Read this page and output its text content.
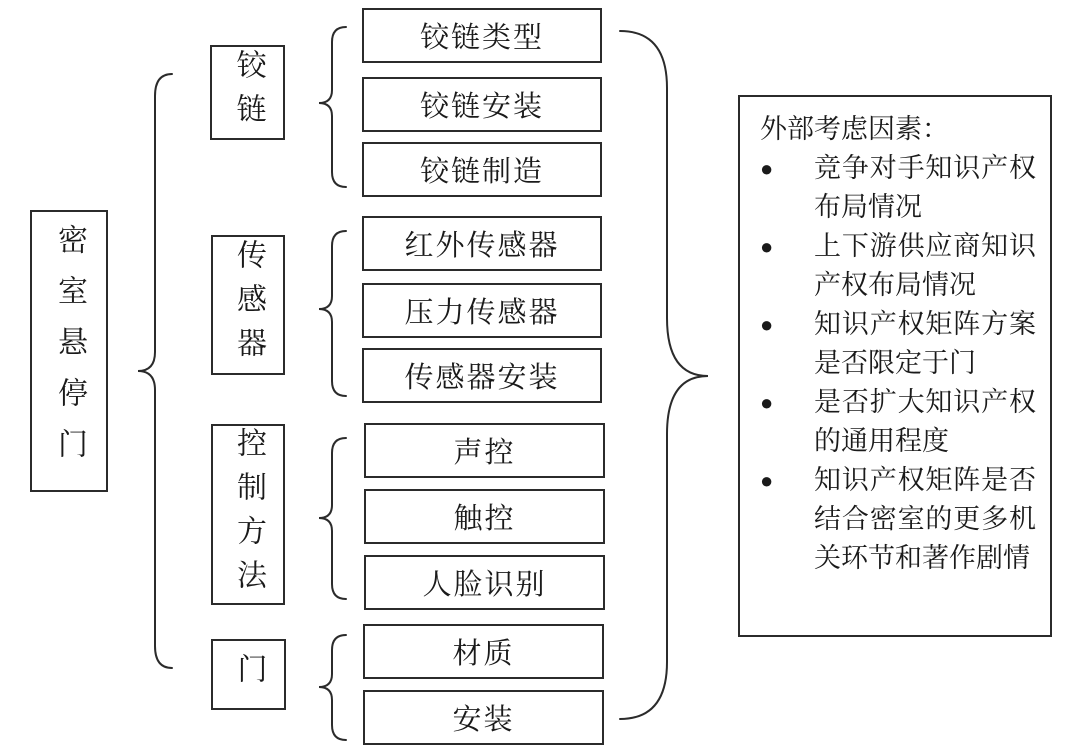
密室悬停门
铰链
铰链类型
铰链安装
铰链制造
传感器	红外传感器
压力传感器
传感器安装
控制方法	声控
触控
人脸识别
门	材质
安装
外部考虑因素：
● 竞争对手知识产权布局情况
● 上下游供应商知识产权布局情况
● 知识产权矩阵方案是否限定于门
● 是否扩大知识产权的通用程度
● 知识产权矩阵是否结合密室的更多机关环节和著作剧情
